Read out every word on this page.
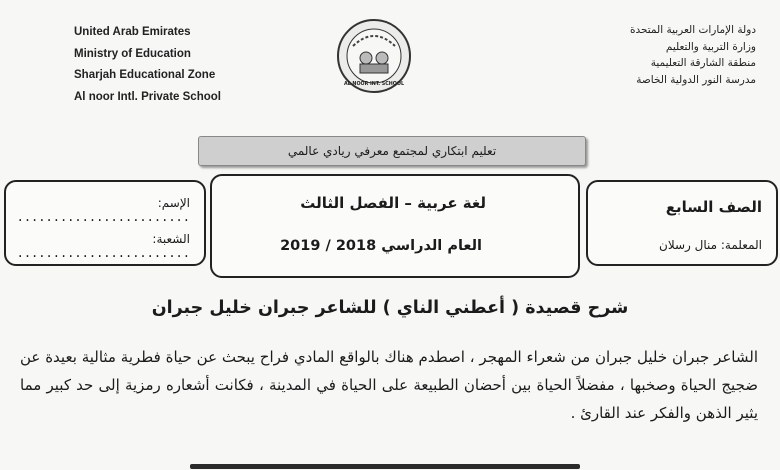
United Arab Emirates
Ministry of Education
Sharjah Educational Zone
Al noor Intl. Private School
دولة الإمارات العربية المتحدة
وزارة التربية والتعليم
منطقة الشارقة التعليمية
مدرسة النور الدولية الخاصة
AL NOOR INT. SCHOOL
تعليم ابتكاري لمجتمع معرفي ريادي عالمي
الإسم: ........................
الشعبة: ........................
لغة عربية – الفصل الثالث
العام الدراسي 2018 / 2019
الصف السابع
المعلمة: منال رسلان
شرح قصيدة ( أعطني الناي ) للشاعر جبران خليل جبران
الشاعر جبران خليل جبران من شعراء المهجر ، اصطدم هناك بالواقع المادي فراح يبحث عن حياة فطرية مثالية بعيدة عن ضجيج الحياة وصخبها ، مفضلاً الحياة بين أحضان الطبيعة على الحياة في المدينة ، فكانت أشعاره رمزية إلى حد كبير مما يثير الذهن والفكر عند القارئ .
